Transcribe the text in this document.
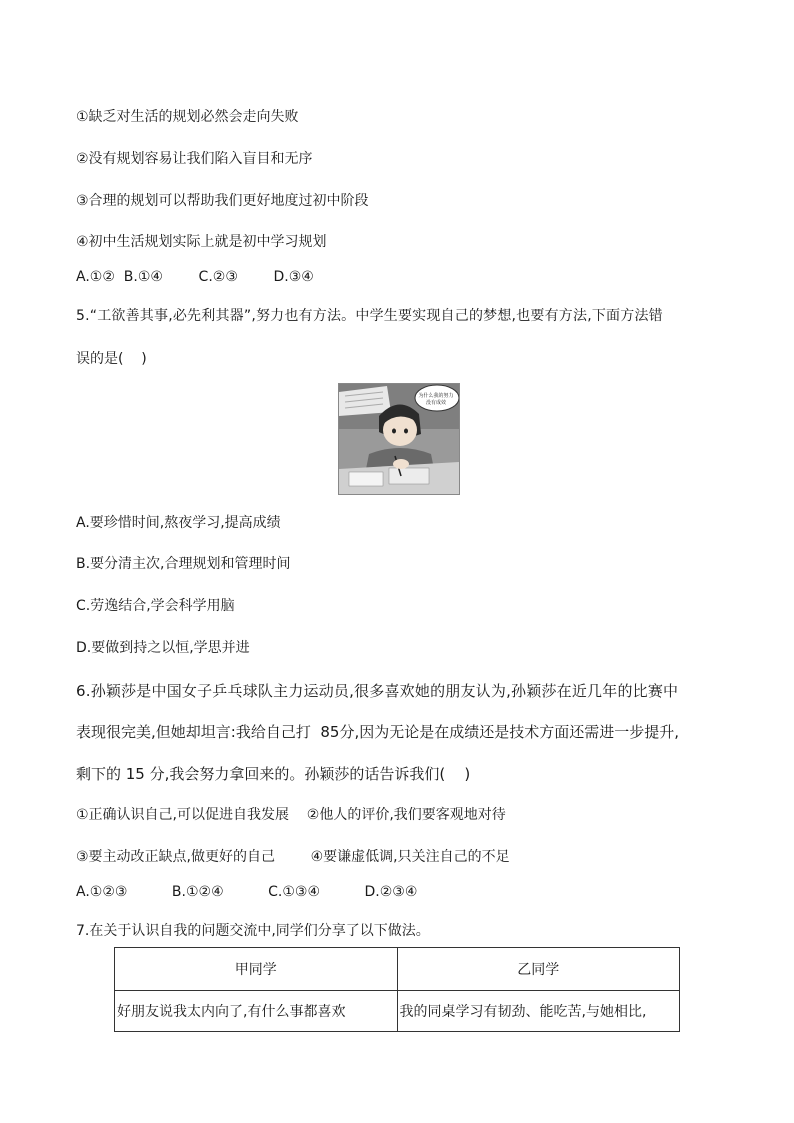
①缺乏对生活的规划必然会走向失败
②没有规划容易让我们陷入盲目和无序
③合理的规划可以帮助我们更好地度过初中阶段
④初中生活规划实际上就是初中学习规划
A.①②  B.①④        C.②③        D.③④
5.“工欲善其事,必先利其器”,努力也有方法。中学生要实现自己的梦想,也要有方法,下面方法错
误的是(    )
为什么我的努力没有成效
A.要珍惜时间,熬夜学习,提高成绩
B.要分清主次,合理规划和管理时间
C.劳逸结合,学会科学用脑
D.要做到持之以恒,学思并进
6.孙颖莎是中国女子乒乓球队主力运动员,很多喜欢她的朋友认为,孙颖莎在近几年的比赛中
表现很完美,但她却坦言:我给自己打  85分,因为无论是在成绩还是技术方面还需进一步提升,
剩下的 15 分,我会努力拿回来的。孙颖莎的话告诉我们(    )
①正确认识自己,可以促进自我发展    ②他人的评价,我们要客观地对待
③要主动改正缺点,做更好的自己        ④要谦虚低调,只关注自己的不足
A.①②③          B.①②④          C.①③④          D.②③④
7.在关于认识自我的问题交流中,同学们分享了以下做法。
甲同学	乙同学
好朋友说我太内向了,有什么事都喜欢	我的同桌学习有韧劲、能吃苦,与她相比,
